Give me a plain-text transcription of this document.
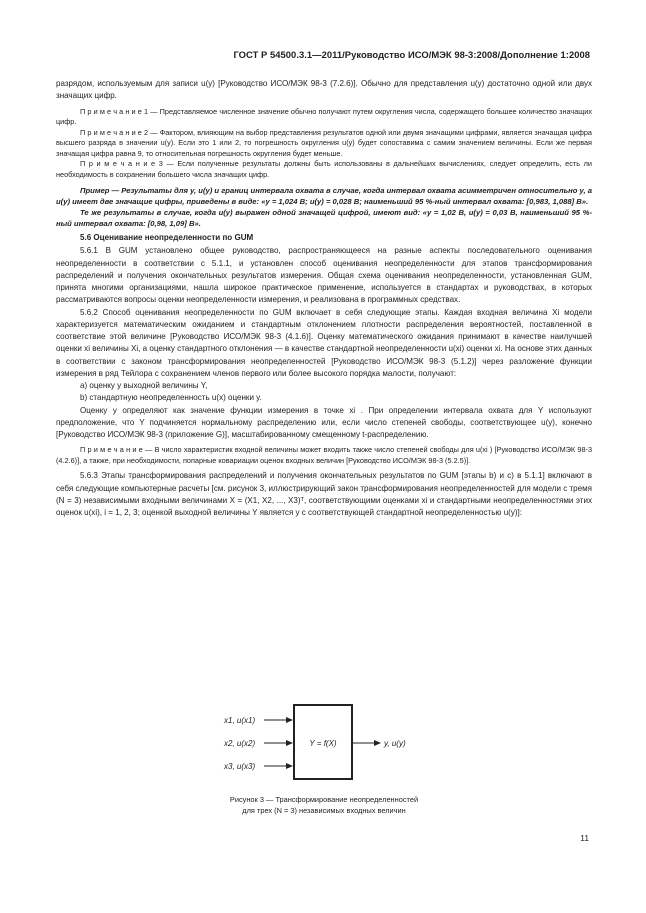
ГОСТ Р 54500.3.1—2011/Руководство ИСО/МЭК 98-3:2008/Дополнение 1:2008

разрядом, используемым для записи u(y) [Руководство ИСО/МЭК 98-3 (7.2.6)]. Обычно для представления u(y) достаточно одной или двух значащих цифр.

П р и м е ч а н и е 1 — Представляемое численное значение обычно получают путем округления числа, содержащего большее количество значащих цифр.

П р и м е ч а н и е 2 — Фактором, влияющим на выбор представления результатов одной или двумя значащими цифрами, является значащая цифра высшего разряда в значении u(y). Если это 1 или 2, то погрешность округления u(y) будет сопоставима с самим значением величины. Если же первая значащая цифра равна 9, то относительная погрешность округления будет меньше.

П р и м е ч а н и е 3 — Если полученные результаты должны быть использованы в дальнейших вычислениях, следует определить, есть ли необходимость в сохранении большего числа значащих цифр.

Пример — Результаты для y, u(y) и границ интервала охвата в случае, когда интервал охвата асимметричен относительно y, а u(y) имеет две значащие цифры, приведены в виде: «y = 1,024 В; u(y) = 0,028 В; наименьший 95 %-ный интервал охвата: [0,983, 1,088] В».

Те же результаты в случае, когда u(y) выражен одной значащей цифрой, имеют вид: «y = 1,02 В, u(y) = 0,03 В, наименьший 95 %-ный интервал охвата: [0,98, 1,09] В».

5.6 Оценивание неопределенности по GUM

5.6.1 В GUM установлено общее руководство, распространяющееся на разные аспекты последовательного оценивания неопределенности в соответствии с 5.1.1, и установлен способ оценивания неопределенности для этапов трансформирования распределений и получения окончательных результатов измерения. Общая схема оценивания неопределенности, установленная GUM, принята многими организациями, нашла широкое практическое применение, используется в стандартах и руководствах, в которых рассматриваются вопросы оценки неопределенности измерения, и реализована в программных средствах.

5.6.2 Способ оценивания неопределенности по GUM включает в себя следующие этапы. Каждая входная величина Xi модели характеризуется математическим ожиданием и стандартным отклонением плотности распределения вероятностей, поставленной в соответствие этой величине [Руководство ИСО/МЭК 98-3 (4.1.6)]. Оценку математического ожидания принимают в качестве наилучшей оценки xi величины Xi, а оценку стандартного отклонения — в качестве стандартной неопределенности u(xi) оценки xi. На основе этих данных в соответствии с законом трансформирования неопределенностей [Руководство ИСО/МЭК 98-3 (5.1.2)] через разложение функции измерения в ряд Тейлора с сохранением членов первого или более высокого порядка малости, получают:

a) оценку y выходной величины Y,

b) стандартную неопределенность u(x) оценки y.

Оценку y определяют как значение функции измерения в точке xi . При определении интервала охвата для Y используют предположение, что Y подчиняется нормальному распределению или, если число степеней свободы, соответствующее u(y), конечно [Руководство ИСО/МЭК 98-3 (приложение G)], масштабированному смещенному t-распределению.

П р и м е ч а н и е — В число характеристик входной величины может входить также число степеней свободы для u(xi ) [Руководство ИСО/МЭК 98-3 (4.2.6)], а также, при необходимости, попарные ковариации оценок входных величин [Руководство ИСО/МЭК 98-3 (5.2.5)].

5.6.3 Этапы трансформирования распределений и получения окончательных результатов по GUM [этапы b) и c) в 5.1.1] включают в себя следующие компьютерные расчеты [см. рисунок 3, иллюстрирующий закон трансформирования неопределенностей для модели с тремя (N = 3) независимыми входными величинами X = (X1, X2, ..., X3)ᵀ, соответствующими оценками xi и стандартными неопределенностями этих оценок u(xi), i = 1, 2, 3; оценкой выходной величины Y является y с соответствующей стандартной неопределенностью u(y)]:

x1, u(x1)
x2, u(x2)
x3, u(x3)
Y = f(X)	y, u(y)

Рисунок 3 — Трансформирование неопределенностей

для трех (N = 3) независимых входных величин

11
